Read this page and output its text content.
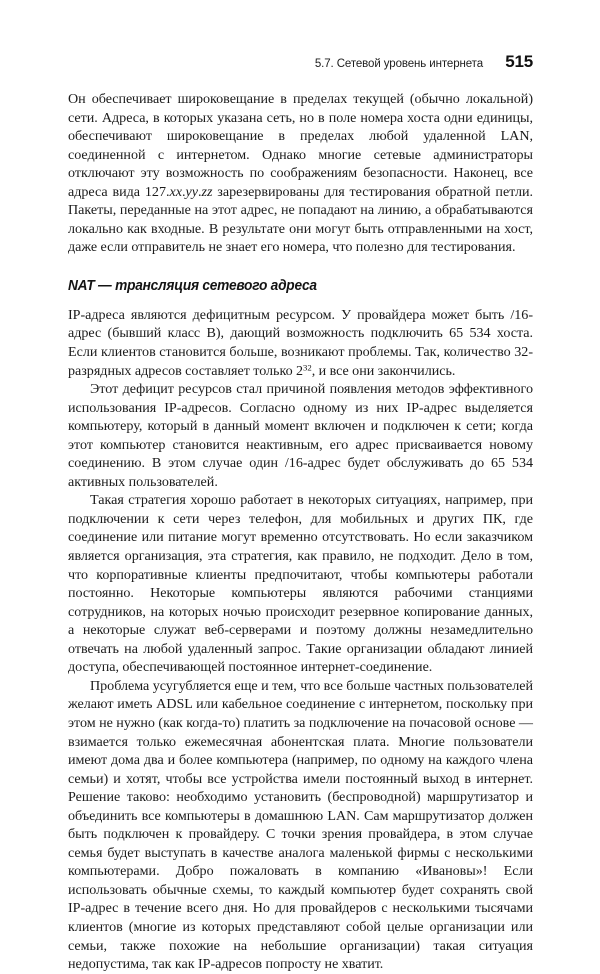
5.7. Сетевой уровень интернета	515

Он обеспечивает широковещание в пределах текущей (обычно локальной) сети. Адреса, в которых указана сеть, но в поле номера хоста одни единицы, обеспечивают широковещание в пределах любой удаленной LAN, соединенной с интернетом. Однако многие сетевые администраторы отключают эту возможность по соображениям безопасности. Наконец, все адреса вида 127.xx.yy.zz зарезервированы для тестирования обратной петли. Пакеты, переданные на этот адрес, не попадают на линию, а обрабатываются локально как входные. В результате они могут быть отправленными на хост, даже если отправитель не знает его номера, что полезно для тестирования.

NAT — трансляция сетевого адреса

IP-адреса являются дефицитным ресурсом. У провайдера может быть /16-адрес (бывший класс B), дающий возможность подключить 65 534 хоста. Если клиентов становится больше, возникают проблемы. Так, количество 32-разрядных адресов составляет только $2^{32}$, и все они закончились.

Этот дефицит ресурсов стал причиной появления методов эффективного использования IP-адресов. Согласно одному из них IP-адрес выделяется компьютеру, который в данный момент включен и подключен к сети; когда этот компьютер становится неактивным, его адрес присваивается новому соединению. В этом случае один /16-адрес будет обслуживать до 65 534 активных пользователей.

Такая стратегия хорошо работает в некоторых ситуациях, например, при подключении к сети через телефон, для мобильных и других ПК, где соединение или питание могут временно отсутствовать. Но если заказчиком является организация, эта стратегия, как правило, не подходит. Дело в том, что корпоративные клиенты предпочитают, чтобы компьютеры работали постоянно. Некоторые компьютеры являются рабочими станциями сотрудников, на которых ночью происходит резервное копирование данных, а некоторые служат веб-серверами и поэтому должны незамедлительно отвечать на любой удаленный запрос. Такие организации обладают линией доступа, обеспечивающей постоянное интернет-соединение.

Проблема усугубляется еще и тем, что все больше частных пользователей желают иметь ADSL или кабельное соединение с интернетом, поскольку при этом не нужно (как когда-то) платить за подключение на почасовой основе — взимается только ежемесячная абонентская плата. Многие пользователи имеют дома два и более компьютера (например, по одному на каждого члена семьи) и хотят, чтобы все устройства имели постоянный выход в интернет. Решение таково: необходимо установить (беспроводной) маршрутизатор и объединить все компьютеры в домашнюю LAN. Сам маршрутизатор должен быть подключен к провайдеру. С точки зрения провайдера, в этом случае семья будет выступать в качестве аналога маленькой фирмы с несколькими компьютерами. Добро пожаловать в компанию «Ивановы»! Если использовать обычные схемы, то каждый компьютер будет сохранять свой IP-адрес в течение всего дня. Но для провайдеров с несколькими тысячами клиентов (многие из которых представляют собой целые организации или семьи, также похожие на небольшие организации) такая ситуация недопустима, так как IP-адресов попросту не хватит.
